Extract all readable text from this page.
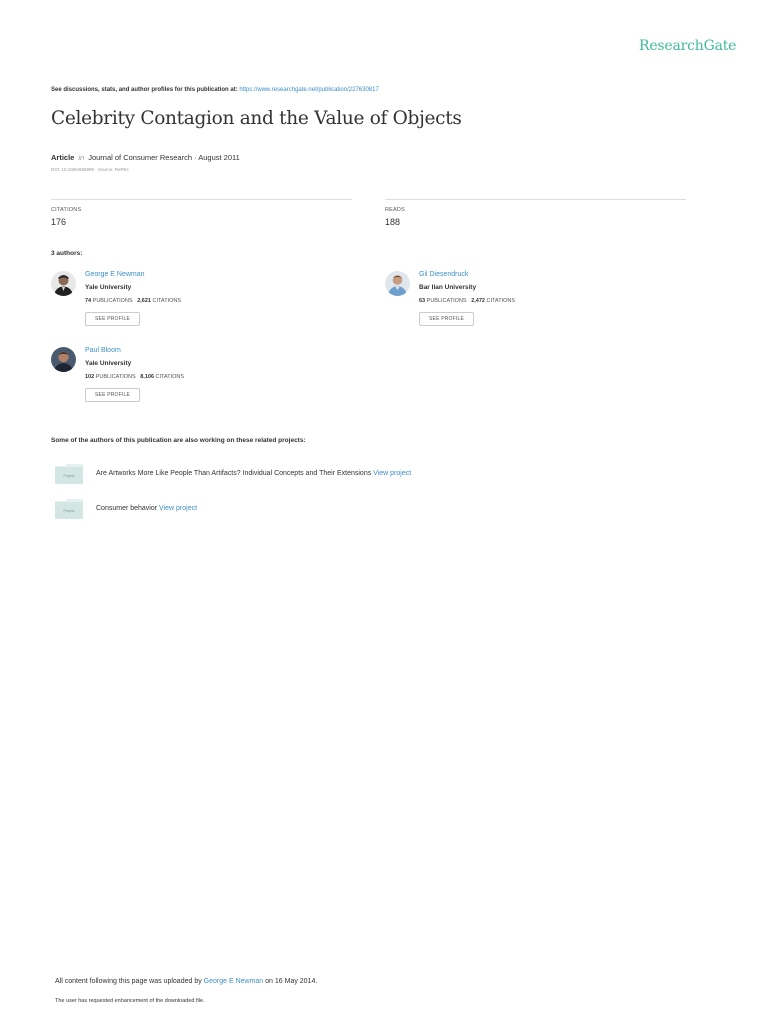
ResearchGate
See discussions, stats, and author profiles for this publication at: https://www.researchgate.net/publication/227630817
Celebrity Contagion and the Value of Objects
Article in Journal of Consumer Research · August 2011
DOI: 10.1086/658999 · Source: RePEc
CITATIONS
176
READS
188
3 authors:
George E Newman
Yale University
74 PUBLICATIONS 2,621 CITATIONS
SEE PROFILE
Gil Diesendruck
Bar Ilan University
63 PUBLICATIONS 2,472 CITATIONS
SEE PROFILE
Paul Bloom
Yale University
102 PUBLICATIONS 8,106 CITATIONS
SEE PROFILE
Some of the authors of this publication are also working on these related projects:
Project	Are Artworks More Like People Than Artifacts? Individual Concepts and Their Extensions View project
Project	Consumer behavior View project
All content following this page was uploaded by George E Newman on 16 May 2014.
The user has requested enhancement of the downloaded file.
